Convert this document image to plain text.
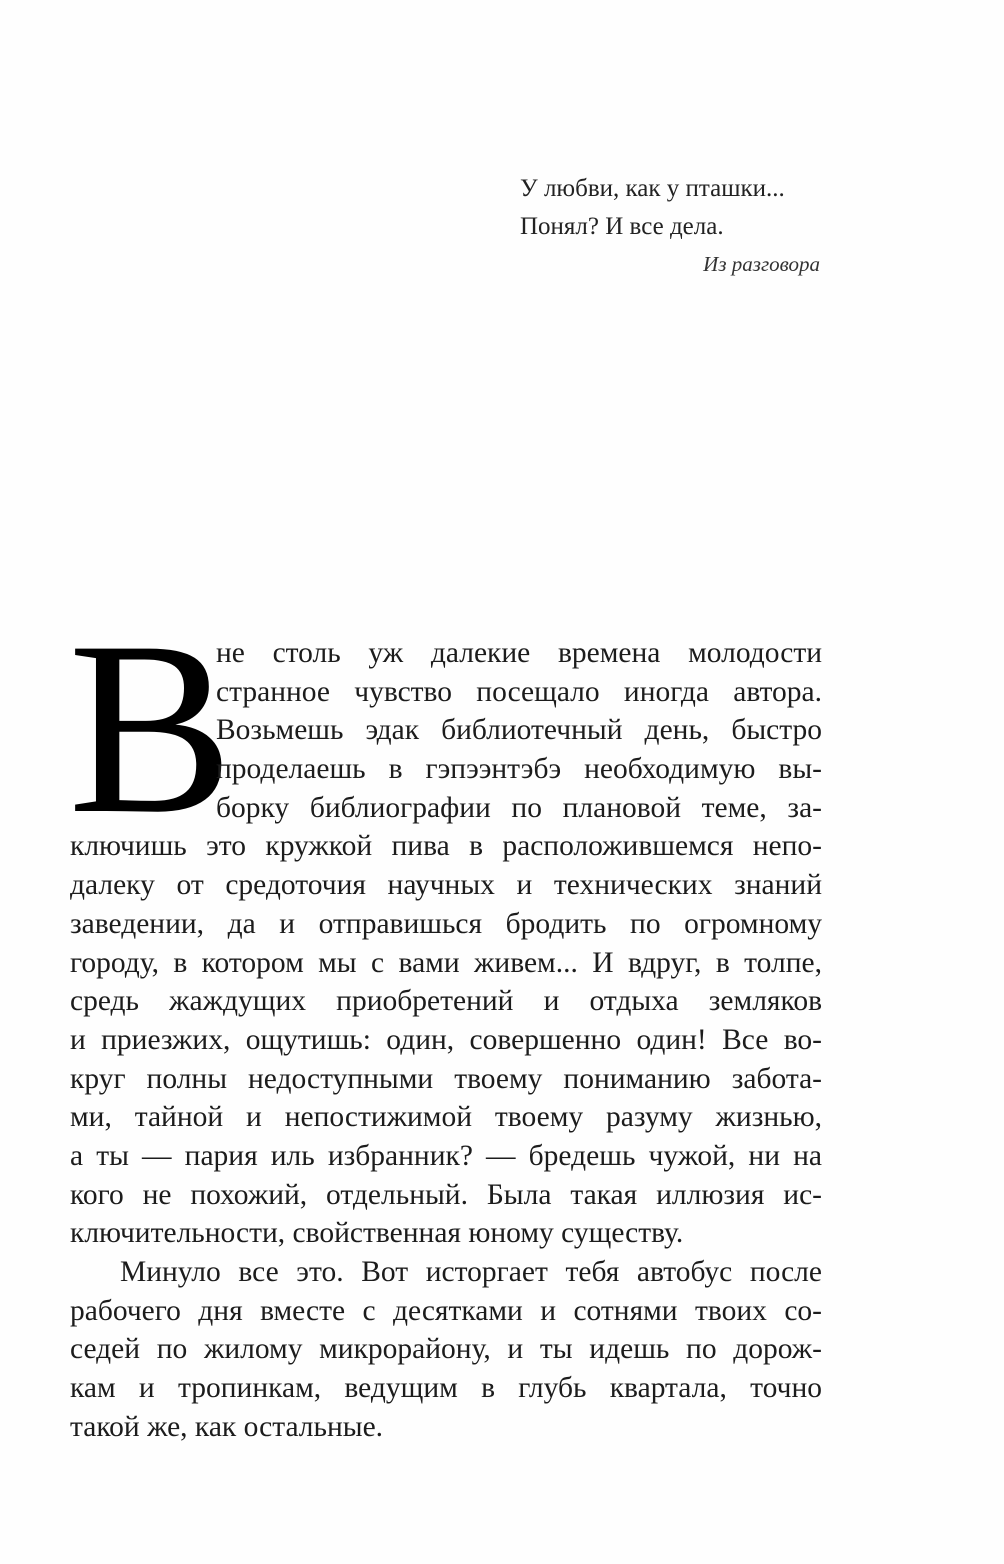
У любви, как у пташки...
Понял? И все дела.
Из разговора
В
не столь уж далекие времена молодости
странное чувство посещало иногда автора.
Возьмешь эдак библиотечный день, быстро
проделаешь в гэпээнтэбэ необходимую вы-
борку библиографии по плановой теме, за-
ключишь это кружкой пива в расположившемся непо-
далеку от средоточия научных и технических знаний
заведении, да и отправишься бродить по огромному
городу, в котором мы с вами живем... И вдруг, в толпе,
средь жаждущих приобретений и отдыха земляков
и приезжих, ощутишь: один, совершенно один! Все во-
круг полны недоступными твоему пониманию забота-
ми, тайной и непостижимой твоему разуму жизнью,
а ты — пария иль избранник? — бредешь чужой, ни на
кого не похожий, отдельный. Была такая иллюзия ис-
ключительности, свойственная юному существу.
Минуло все это. Вот исторгает тебя автобус после
рабочего дня вместе с десятками и сотнями твоих со-
седей по жилому микрорайону, и ты идешь по дорож-
кам и тропинкам, ведущим в глубь квартала, точно
такой же, как остальные.
